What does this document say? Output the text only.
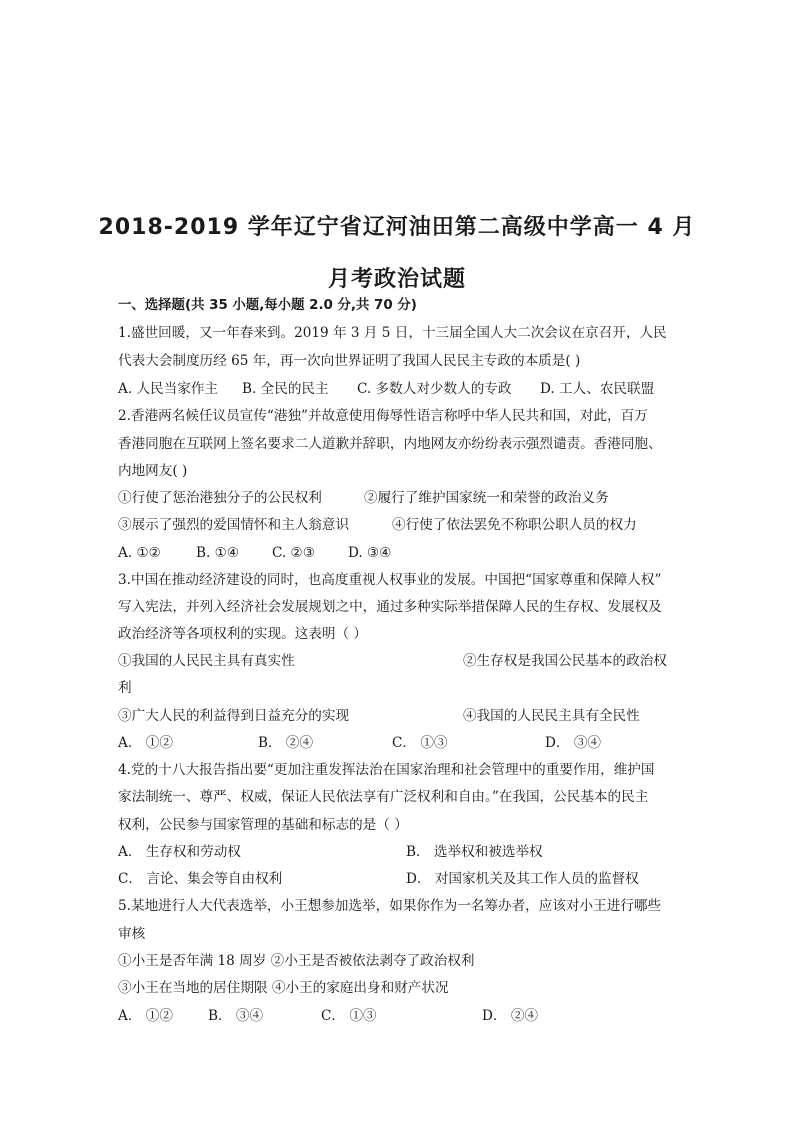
2018-2019 学年辽宁省辽河油田第二高级中学高一 4 月
月考政治试题
一、选择题(共 35 小题,每小题 2.0 分,共 70 分)
1.盛世回暖，又一年春来到。2019 年 3 月 5 日，十三届全国人大二次会议在京召开，人民
代表大会制度历经 65 年，再一次向世界证明了我国人民民主专政的本质是( )
A. 人民当家作主 B. 全民的民主 C. 多数人对少数人的专政 D. 工人、农民联盟
2.香港两名候任议员宣传“港独”并故意使用侮辱性语言称呼中华人民共和国，对此，百万
香港同胞在互联网上签名要求二人道歉并辞职，内地网友亦纷纷表示强烈谴责。香港同胞、
内地网友( )
①行使了惩治港独分子的公民权利	②履行了维护国家统一和荣誉的政治义务
③展示了强烈的爱国情怀和主人翁意识	④行使了依法罢免不称职公职人员的权力
A. ①②	B. ①④ C. ②③ D. ③④
3.中国在推动经济建设的同时，也高度重视人权事业的发展。中国把“国家尊重和保障人权”
写入宪法，并列入经济社会发展规划之中，通过多种实际举措保障人民的生存权、发展权及
政治经济等各项权利的实现。这表明（ ）
①我国的人民民主具有真实性	②生存权是我国公民基本的政治权
利
③广大人民的利益得到日益充分的实现	④我国的人民民主具有全民性
A． ①②	B． ②④	C． ①③	D． ③④
4.党的十八大报告指出要“更加注重发挥法治在国家治理和社会管理中的重要作用，维护国
家法制统一、尊严、权威，保证人民依法享有广泛权利和自由。”在我国，公民基本的民主
权利，公民参与国家管理的基础和标志的是（ ）
A． 生存权和劳动权	B． 选举权和被选举权
C． 言论、集会等自由权利	D． 对国家机关及其工作人员的监督权
5.某地进行人大代表选举，小王想参加选举，如果你作为一名筹办者，应该对小王进行哪些
审核
①小王是否年满 18 周岁 ②小王是否被依法剥夺了政治权利
③小王在当地的居住期限 ④小王的家庭出身和财产状况
A． ①②	B． ③④	C． ①③	D． ②④
